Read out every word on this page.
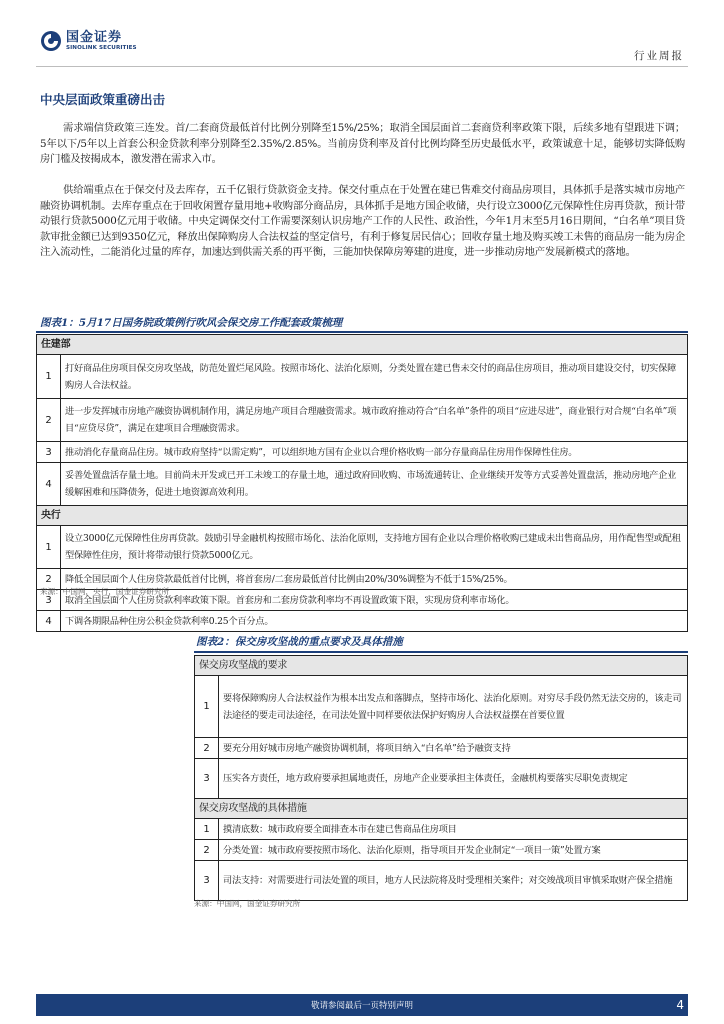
国金证券
SINOLINK SECURITIES
行业周报
中央层面政策重磅出击

需求端信贷政策三连发。首/二套商贷最低首付比例分别降至15%/25%；取消全国层面首二套商贷利率政策下限，后续多地有望跟进下调；5年以下/5年以上首套公积金贷款利率分别降至2.35%/2.85%。当前房贷利率及首付比例均降至历史最低水平，政策诚意十足，能够切实降低购房门槛及按揭成本，激发潜在需求入市。

供给端重点在于保交付及去库存，五千亿银行贷款资金支持。保交付重点在于处置在建已售难交付商品房项目，具体抓手是落实城市房地产融资协调机制。去库存重点在于回收闲置存量用地+收购部分商品房，具体抓手是地方国企收储，央行设立3000亿元保障性住房再贷款，预计带动银行贷款5000亿元用于收储。中央定调保交付工作需要深刻认识房地产工作的人民性、政治性，今年1月末至5月16日期间，“白名单”项目贷款审批金额已达到9350亿元，释放出保障购房人合法权益的坚定信号，有利于修复居民信心；回收存量土地及购买竣工未售的商品房一能为房企注入流动性，二能消化过量的库存，加速达到供需关系的再平衡，三能加快保障房筹建的进度，进一步推动房地产发展新模式的落地。

图表1：5月17日国务院政策例行吹风会保交房工作配套政策梳理
住建部	
1	打好商品住房项目保交房攻坚战，防范处置烂尾风险。按照市场化、法治化原则，分类处置在建已售未交付的商品住房项目，推动项目建设交付，切实保障购房人合法权益。
2	进一步发挥城市房地产融资协调机制作用，满足房地产项目合理融资需求。城市政府推动符合“白名单”条件的项目“应进尽进”，商业银行对合规“白名单”项目“应贷尽贷”，满足在建项目合理融资需求。
3	推动消化存量商品住房。城市政府坚持“以需定购”，可以组织地方国有企业以合理价格收购一部分存量商品住房用作保障性住房。
4	妥善处置盘活存量土地。目前尚未开发或已开工未竣工的存量土地，通过政府回收购、市场流通转让、企业继续开发等方式妥善处置盘活，推动房地产企业缓解困难和压降债务，促进土地资源高效利用。
央行	
1	设立3000亿元保障性住房再贷款。鼓励引导金融机构按照市场化、法治化原则，支持地方国有企业以合理价格收购已建成未出售商品房，用作配售型或配租型保障性住房，预计将带动银行贷款5000亿元。
2	降低全国层面个人住房贷款最低首付比例，将首套房/二套房最低首付比例由20%/30%调整为不低于15%/25%。
3	取消全国层面个人住房贷款利率政策下限。首套房和二套房贷款利率均不再设置政策下限，实现房贷利率市场化。
4	下调各期限品种住房公积金贷款利率0.25个百分点。
来源：中国网，央行，国金证券研究所
图表2：保交房攻坚战的重点要求及具体措施
保交房攻坚战的要求	
1	要将保障购房人合法权益作为根本出发点和落脚点，坚持市场化、法治化原则。对穷尽手段仍然无法交房的，该走司法途径的要走司法途径，在司法处置中同样要依法保护好购房人合法权益摆在首要位置
2	要充分用好城市房地产融资协调机制，将项目纳入“白名单”给予融资支持
3	压实各方责任，地方政府要承担属地责任，房地产企业要承担主体责任，金融机构要落实尽职免责规定
保交房攻坚战的具体措施	
1	摸清底数：城市政府要全面排查本市在建已售商品住房项目
2	分类处置：城市政府要按照市场化、法治化原则，指导项目开发企业制定“一项目一策”处置方案
3	司法支持：对需要进行司法处置的项目，地方人民法院将及时受理相关案件；对交竣战项目审慎采取财产保全措施
来源：中国网，国金证券研究所
敬请参阅最后一页特别声明	4
